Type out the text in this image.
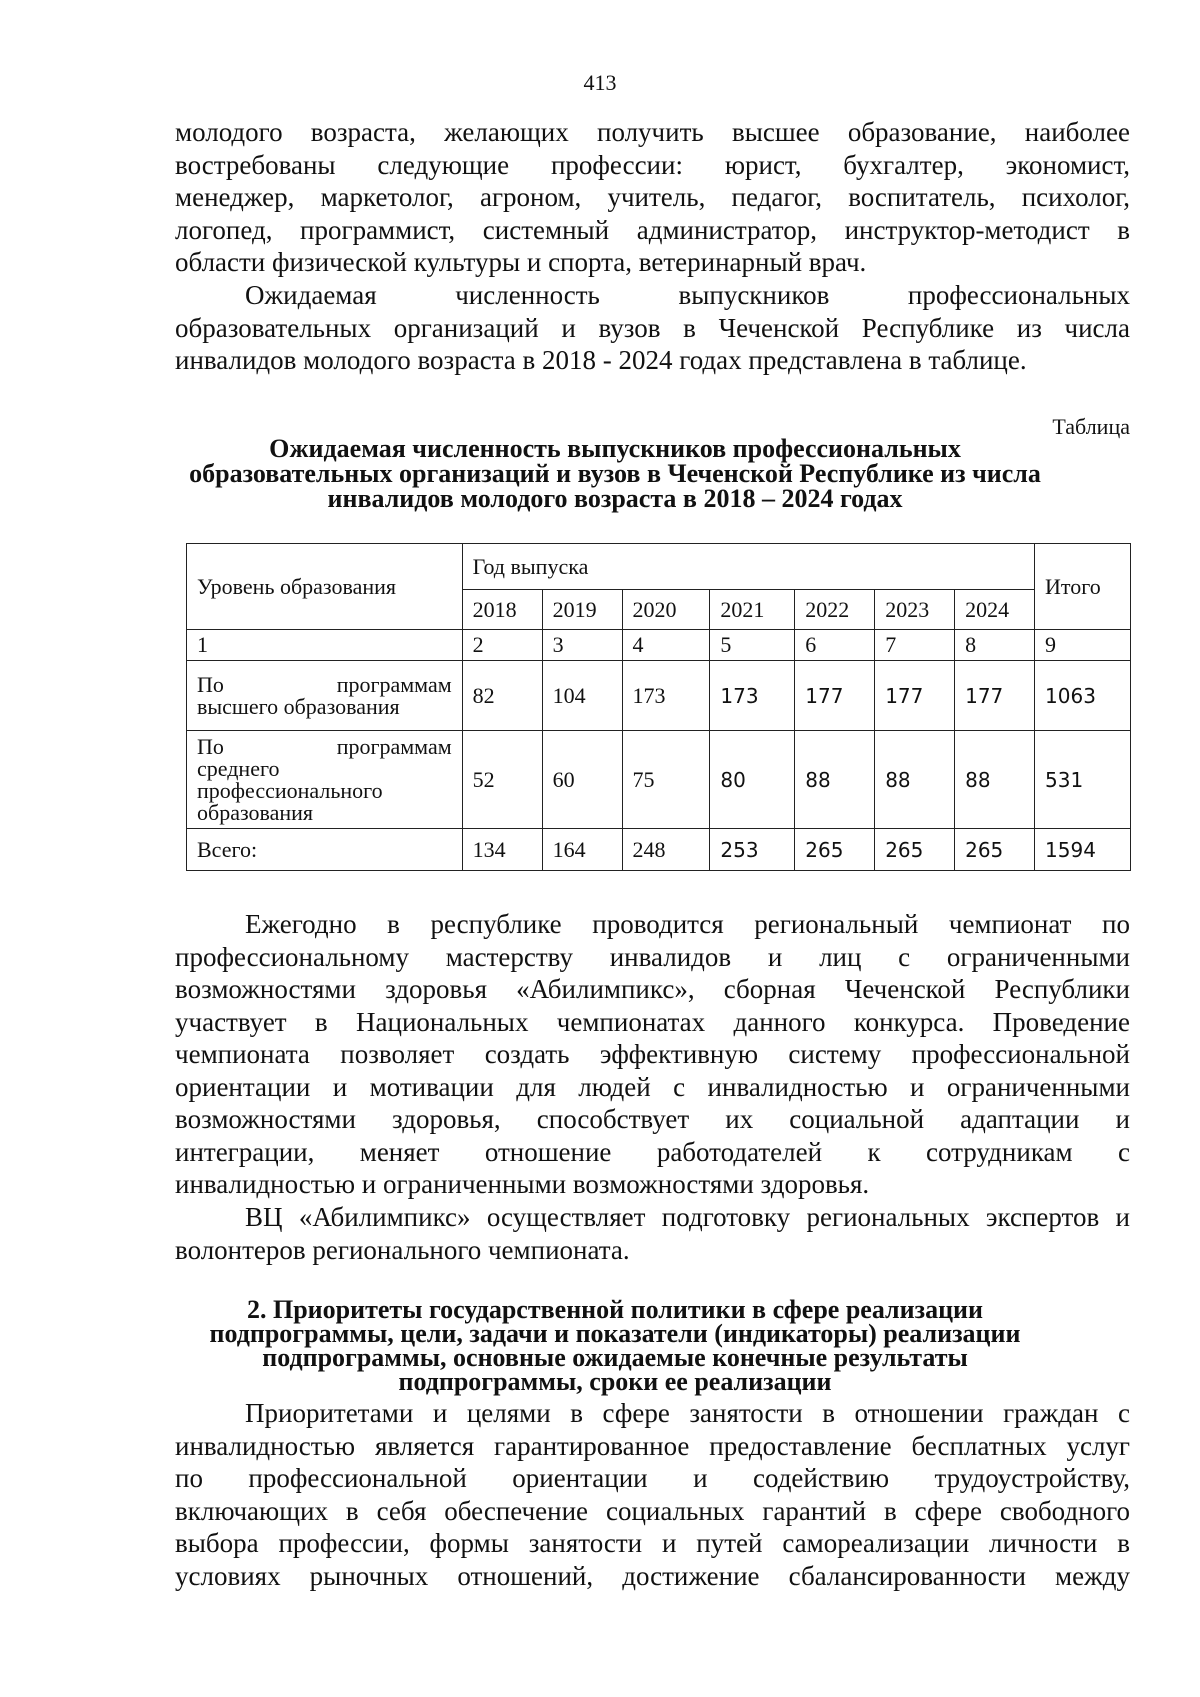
413

молодого возраста, желающих получить высшее образование, наиболее
востребованы следующие профессии: юрист, бухгалтер, экономист,
менеджер, маркетолог, агроном, учитель, педагог, воспитатель, психолог,
логопед, программист, системный администратор, инструктор-методист в
области физической культуры и спорта, ветеринарный врач.

Ожидаемая численность выпускников профессиональных
образовательных организаций и вузов в Чеченской Республике из числа
инвалидов молодого возраста в 2018 - 2024 годах представлена в таблице.

Таблица

Ожидаемая численность выпускников профессиональных
образовательных организаций и вузов в Чеченской Республике из числа
инвалидов молодого возраста в 2018 – 2024 годах

Уровень образования	Год выпуска							Итого
	2018	2019	2020	2021	2022	2023	2024	
1	2	3	4	5	6	7	8	9

По программам
высшего образования	82	104	173	173	177	177	177	1063

По программам
среднего
профессионального
образования	52	60	75	80	88	88	88	531
Всего:	134	164	248	253	265	265	265	1594

Ежегодно в республике проводится региональный чемпионат по
профессиональному мастерству инвалидов и лиц с ограниченными
возможностями здоровья «Абилимпикс», сборная Чеченской Республики
участвует в Национальных чемпионатах данного конкурса. Проведение
чемпионата позволяет создать эффективную систему профессиональной
ориентации и мотивации для людей с инвалидностью и ограниченными
возможностями здоровья, способствует их социальной адаптации и
интеграции, меняет отношение работодателей к сотрудникам с
инвалидностью и ограниченными возможностями здоровья.

ВЦ «Абилимпикс» осуществляет подготовку региональных экспертов и
волонтеров регионального чемпионата.

2. Приоритеты государственной политики в сфере реализации
подпрограммы, цели, задачи и показатели (индикаторы) реализации
подпрограммы, основные ожидаемые конечные результаты
подпрограммы, сроки ее реализации

Приоритетами и целями в сфере занятости в отношении граждан с
инвалидностью является гарантированное предоставление бесплатных услуг
по профессиональной ориентации и содействию трудоустройству,
включающих в себя обеспечение социальных гарантий в сфере свободного
выбора профессии, формы занятости и путей самореализации личности в
условиях рыночных отношений, достижение сбалансированности между
